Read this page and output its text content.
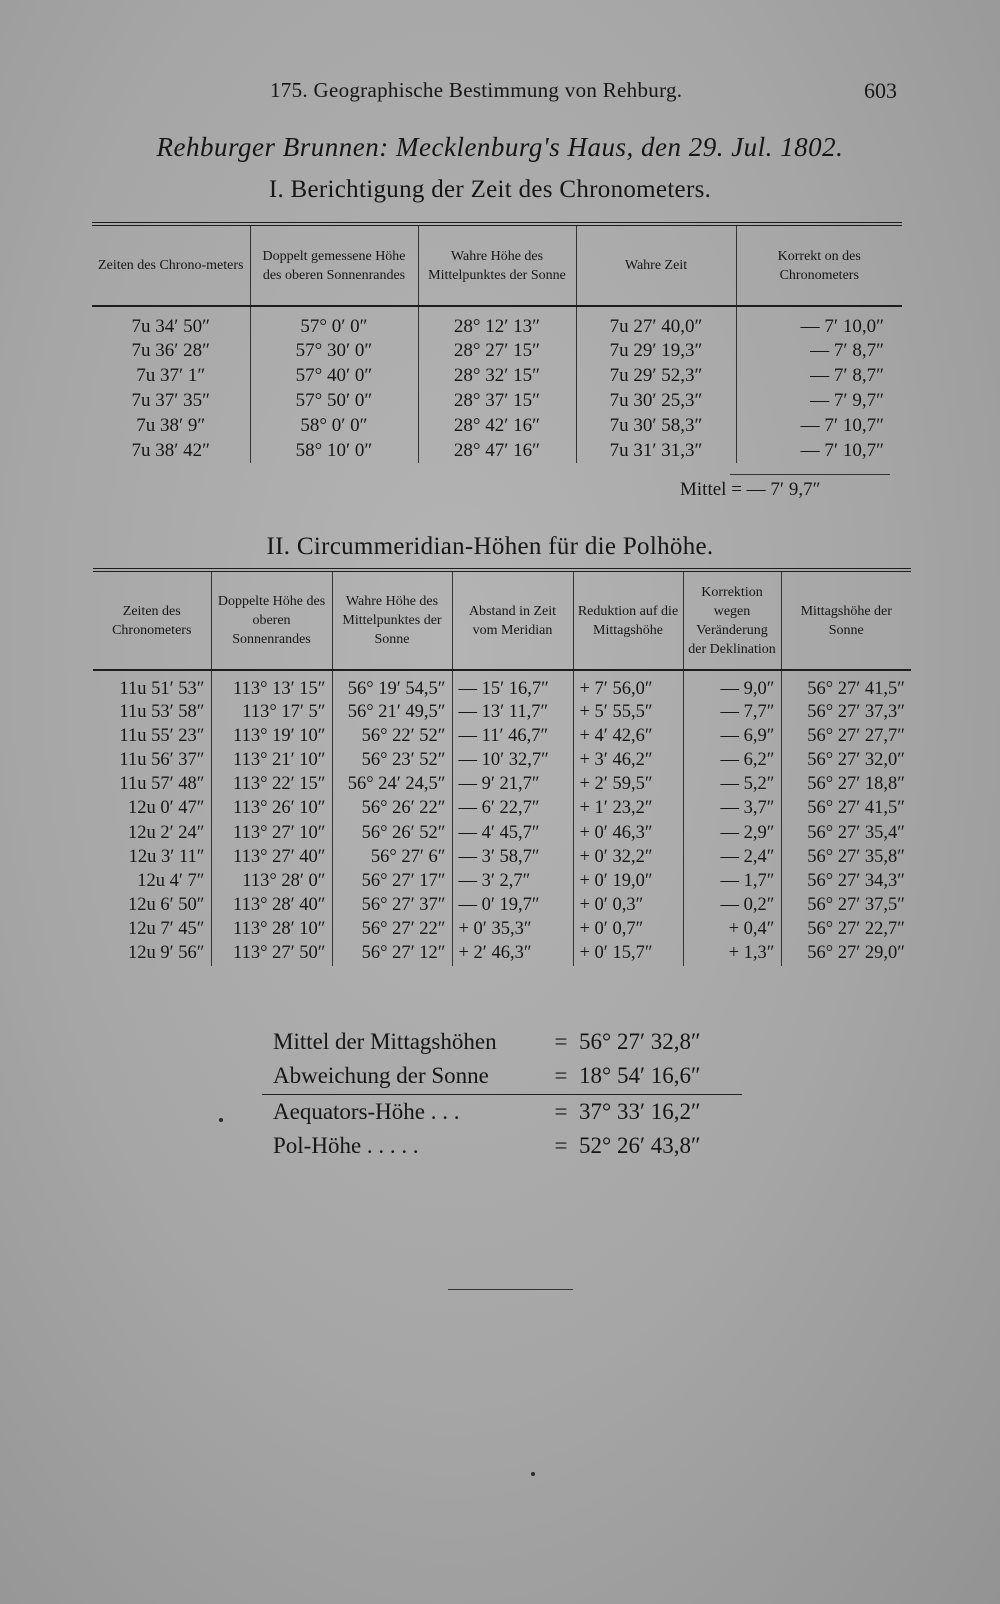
175. Geographische Bestimmung von Rehburg.	603
Rehburger Brunnen: Mecklenburg's Haus, den 29. Jul. 1802.
I. Berichtigung der Zeit des Chronometers.
Zeiten des Chrono-meters	Doppelt gemessene Höhe des oberen Sonnenrandes	Wahre Höhe des Mittelpunktes der Sonne	Wahre Zeit	Korrekt on des Chronometers
7u 34′ 50″	57° 0′ 0″	28° 12′ 13″	7u 27′ 40,0″	— 7′ 10,0″
7u 36′ 28″	57° 30′ 0″	28° 27′ 15″	7u 29′ 19,3″	— 7′ 8,7″
7u 37′ 1″	57° 40′ 0″	28° 32′ 15″	7u 29′ 52,3″	— 7′ 8,7″
7u 37′ 35″	57° 50′ 0″	28° 37′ 15″	7u 30′ 25,3″	— 7′ 9,7″
7u 38′ 9″	58° 0′ 0″	28° 42′ 16″	7u 30′ 58,3″	— 7′ 10,7″
7u 38′ 42″	58° 10′ 0″	28° 47′ 16″	7u 31′ 31,3″	— 7′ 10,7″
Mittel = — 7′ 9,7″
II. Circummeridian-Höhen für die Polhöhe.
Zeiten des Chronometers	Doppelte Höhe des oberen Sonnenrandes	Wahre Höhe des Mittelpunktes der Sonne	Abstand in Zeit vom Meridian	Reduktion auf die Mittagshöhe	Korrektion wegen Veränderung der Deklination	Mittagshöhe der Sonne
11u 51′ 53″	113° 13′ 15″	56° 19′ 54,5″	— 15′ 16,7″	+ 7′ 56,0″	— 9,0″	56° 27′ 41,5″
11u 53′ 58″	113° 17′ 5″	56° 21′ 49,5″	— 13′ 11,7″	+ 5′ 55,5″	— 7,7″	56° 27′ 37,3″
11u 55′ 23″	113° 19′ 10″	56° 22′ 52″	— 11′ 46,7″	+ 4′ 42,6″	— 6,9″	56° 27′ 27,7″
11u 56′ 37″	113° 21′ 10″	56° 23′ 52″	— 10′ 32,7″	+ 3′ 46,2″	— 6,2″	56° 27′ 32,0″
11u 57′ 48″	113° 22′ 15″	56° 24′ 24,5″	— 9′ 21,7″	+ 2′ 59,5″	— 5,2″	56° 27′ 18,8″
12u 0′ 47″	113° 26′ 10″	56° 26′ 22″	— 6′ 22,7″	+ 1′ 23,2″	— 3,7″	56° 27′ 41,5″
12u 2′ 24″	113° 27′ 10″	56° 26′ 52″	— 4′ 45,7″	+ 0′ 46,3″	— 2,9″	56° 27′ 35,4″
12u 3′ 11″	113° 27′ 40″	56° 27′ 6″	— 3′ 58,7″	+ 0′ 32,2″	— 2,4″	56° 27′ 35,8″
12u 4′ 7″	113° 28′ 0″	56° 27′ 17″	— 3′ 2,7″	+ 0′ 19,0″	— 1,7″	56° 27′ 34,3″
12u 6′ 50″	113° 28′ 40″	56° 27′ 37″	— 0′ 19,7″	+ 0′ 0,3″	— 0,2″	56° 27′ 37,5″
12u 7′ 45″	113° 28′ 10″	56° 27′ 22″	+ 0′ 35,3″	+ 0′ 0,7″	+ 0,4″	56° 27′ 22,7″
12u 9′ 56″	113° 27′ 50″	56° 27′ 12″	+ 2′ 46,3″	+ 0′ 15,7″	+ 1,3″	56° 27′ 29,0″
Mittel der Mittagshöhen	= 56° 27′ 32,8″
Abweichung der Sonne	= 18° 54′ 16,6″
Aequators-Höhe . . .	= 37° 33′ 16,2″
Pol-Höhe . . . . .	= 52° 26′ 43,8″
